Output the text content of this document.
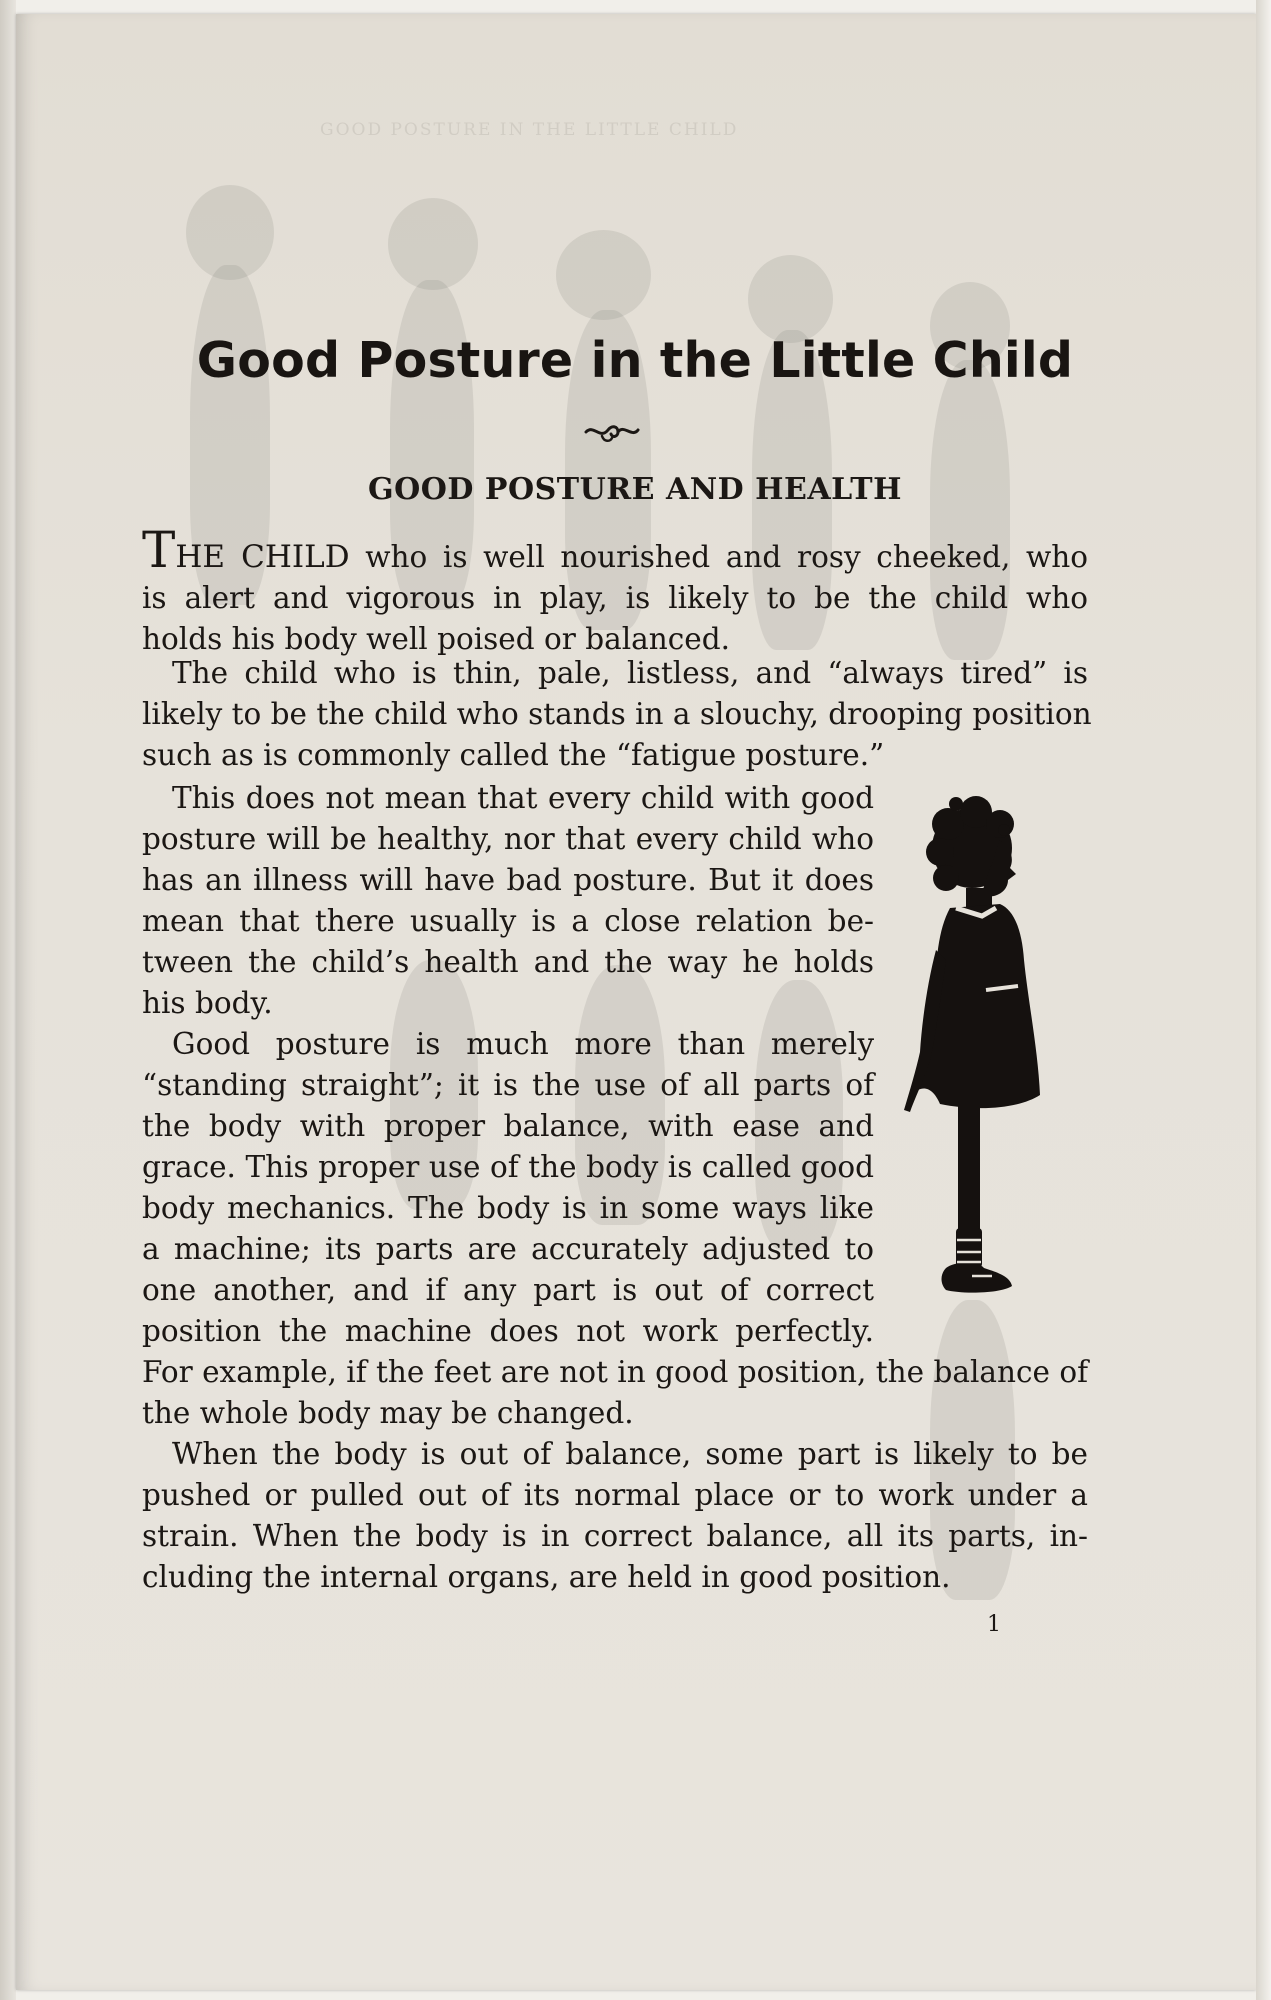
GOOD POSTURE IN THE LITTLE CHILD
Good Posture in the Little Child
GOOD POSTURE AND HEALTH
THE CHILD who is well nourished and rosy cheeked, who
is alert and vigorous in play, is likely to be the child who
holds his body well poised or balanced.
The child who is thin, pale, listless, and “always tired” is
likely to be the child who stands in a slouchy, drooping position
such as is commonly called the “fatigue posture.”
This does not mean that every child with good
posture will be healthy, nor that every child who
has an illness will have bad posture. But it does
mean that there usually is a close relation be-
tween the child’s health and the way he holds
his body.
Good posture is much more than merely
“standing straight”; it is the use of all parts of
the body with proper balance, with ease and
grace. This proper use of the body is called good
body mechanics. The body is in some ways like
a machine; its parts are accurately adjusted to
one another, and if any part is out of correct
position the machine does not work perfectly.
For example, if the feet are not in good position, the balance of
the whole body may be changed.
When the body is out of balance, some part is likely to be
pushed or pulled out of its normal place or to work under a
strain. When the body is in correct balance, all its parts, in-
cluding the internal organs, are held in good position.
1
